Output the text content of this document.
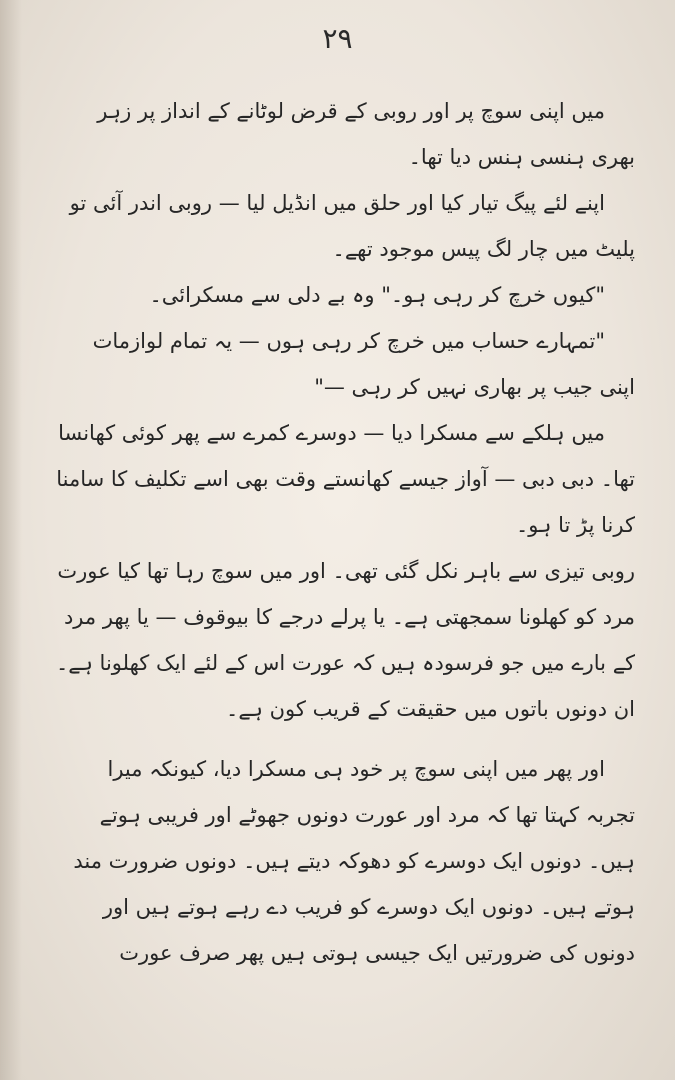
۲۹

میں اپنی سوچ پر اور روبی کے قرض لوٹانے کے انداز پر زہر بھری ہنسی ہنس دیا تھا۔

اپنے لئے پیگ تیار کیا اور حلق میں انڈیل لیا — روبی اندر آئی تو پلیٹ میں چار لگ پیس موجود تھے۔

"کیوں خرچ کر رہی ہو۔" وہ بے دلی سے مسکرائی۔

"تمہارے حساب میں خرچ کر رہی ہوں — یہ تمام لوازمات اپنی جیب پر بھاری نہیں کر رہی —"

میں ہلکے سے مسکرا دیا — دوسرے کمرے سے پھر کوئی کھانسا تھا۔ دبی دبی — آواز جیسے کھانستے وقت بھی اسے تکلیف کا سامنا کرنا پڑ تا ہو۔

روبی تیزی سے باہر نکل گئی تھی۔ اور میں سوچ رہا تھا کیا عورت مرد کو کھلونا سمجھتی ہے۔ یا پرلے درجے کا بیوقوف — یا پھر مرد کے بارے میں جو فرسودہ ہیں کہ عورت اس کے لئے ایک کھلونا ہے۔ ان دونوں باتوں میں حقیقت کے قریب کون ہے۔

اور پھر میں اپنی سوچ پر خود ہی مسکرا دیا، کیونکہ میرا تجربہ کہتا تھا کہ مرد اور عورت دونوں جھوٹے اور فریبی ہوتے ہیں۔ دونوں ایک دوسرے کو دھوکہ دیتے ہیں۔ دونوں ضرورت مند ہوتے ہیں۔ دونوں ایک دوسرے کو فریب دے رہے ہوتے ہیں اور دونوں کی ضرورتیں ایک جیسی ہوتی ہیں پھر صرف عورت
